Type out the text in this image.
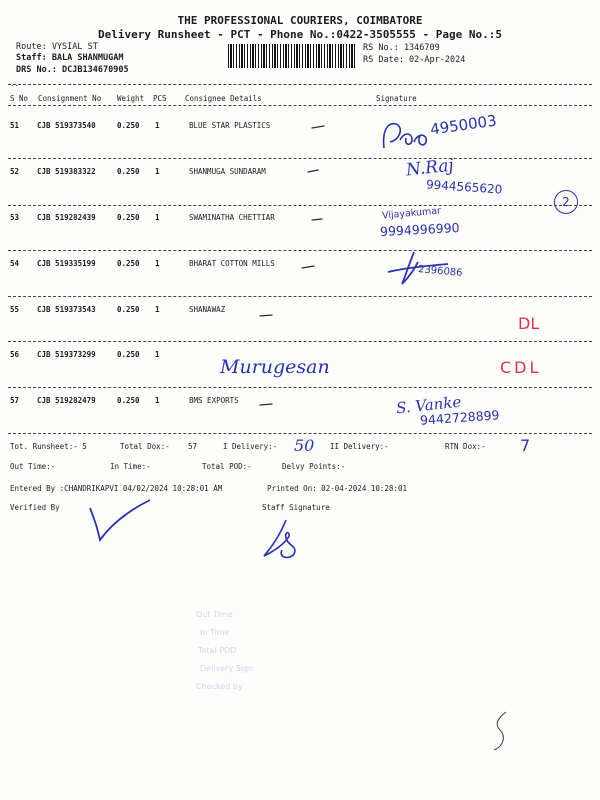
THE PROFESSIONAL COURIERS, COIMBATORE
Delivery Runsheet - PCT - Phone No.:0422-3505555 - Page No.:5
Route: VYSIAL ST
Staff: BALA SHANMUGAM
DRS No.: DCJB134670905
RS No.: 1346709
RS Date: 02-Apr-2024
..
S No Consignment No Weight PCS Consignee Details	Signature
51 CJB 519373540	0.250 1	BLUE STAR PLASTICS
52 CJB 519383322	0.250 1	SHANMUGA SUNDARAM
53 CJB 519282439	0.250 1	SWAMINATHA CHETTIAR
54 CJB 519335199	0.250 1	BHARAT COTTON MILLS
55 CJB 519373543	0.250 1	SHANAWAZ
56 CJB 519373299	0.250 1
57 CJB 519282479	0.250 1	BMS EXPORTS
Tot. Runsheet:- 5	Total Dox:- 57	I Delivery:-	II Delivery:-	RTN Dox:-
Out Time:-	In Time:-	Total POD:-	Delvy Points:-
Entered By :CHANDRIKAPVI 04/02/2024 10:28:01 AM	Printed On: 02-04-2024 10:28:01
Verified By	Staff Signature
Out Time
In Time
Total POD
Delivery Sign
Checked by
4950003
N.Raj
9944565620
2
Vijayakumar
9994996990
2396086
DL
Murugesan	CDL
S. Vanke
9442728899
50	7
